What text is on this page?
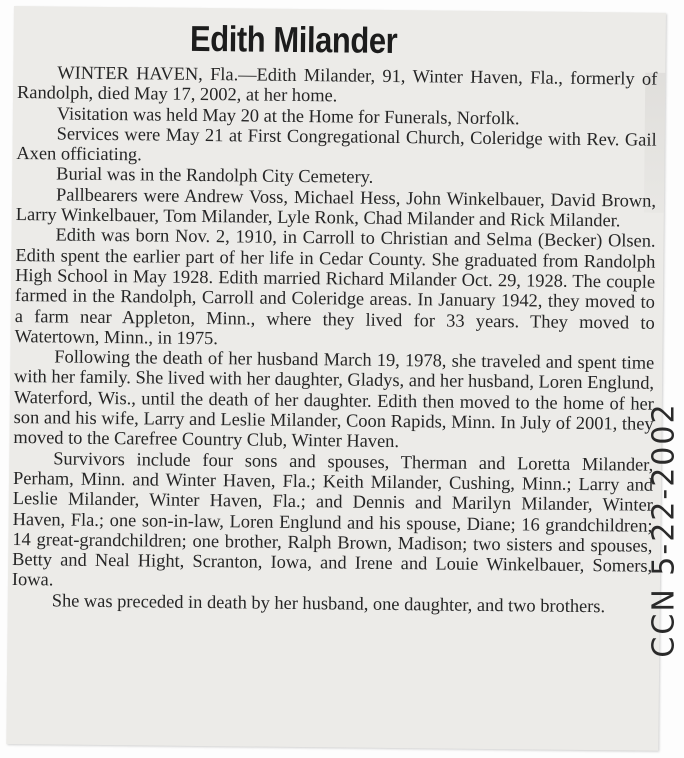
Edith Milander

WINTER HAVEN, Fla.—Edith Milander, 91, Winter Haven, Fla., formerly of Randolph, died May 17, 2002, at her home.

Visitation was held May 20 at the Home for Funerals, Norfolk.

Services were May 21 at First Congregational Church, Coleridge with Rev. Gail Axen officiating.

Burial was in the Randolph City Cemetery.

Pallbearers were Andrew Voss, Michael Hess, John Winkelbauer, David Brown, Larry Winkelbauer, Tom Milander, Lyle Ronk, Chad Milander and Rick Milander.

Edith was born Nov. 2, 1910, in Carroll to Christian and Selma (Becker) Olsen. Edith spent the earlier part of her life in Cedar County. She graduated from Randolph High School in May 1928. Edith married Richard Milander Oct. 29, 1928. The couple farmed in the Randolph, Carroll and Coleridge areas. In January 1942, they moved to a farm near Appleton, Minn., where they lived for 33 years. They moved to Watertown, Minn., in 1975.

Following the death of her husband March 19, 1978, she traveled and spent time with her family. She lived with her daughter, Gladys, and her husband, Loren Englund, Waterford, Wis., until the death of her daughter. Edith then moved to the home of her son and his wife, Larry and Leslie Milander, Coon Rapids, Minn. In July of 2001, they moved to the Carefree Country Club, Winter Haven.

Survivors include four sons and spouses, Therman and Loretta Milander, Perham, Minn. and Winter Haven, Fla.; Keith Milander, Cushing, Minn.; Larry and Leslie Milander, Winter Haven, Fla.; and Dennis and Marilyn Milander, Winter Haven, Fla.; one son-in-law, Loren Englund and his spouse, Diane; 16 grandchildren; 14 great-grandchildren; one brother, Ralph Brown, Madison; two sisters and spouses, Betty and Neal Hight, Scranton, Iowa, and Irene and Louie Winkelbauer, Somers, Iowa.

She was preceded in death by her husband, one daughter, and two brothers.	CCN 5-22-2002
